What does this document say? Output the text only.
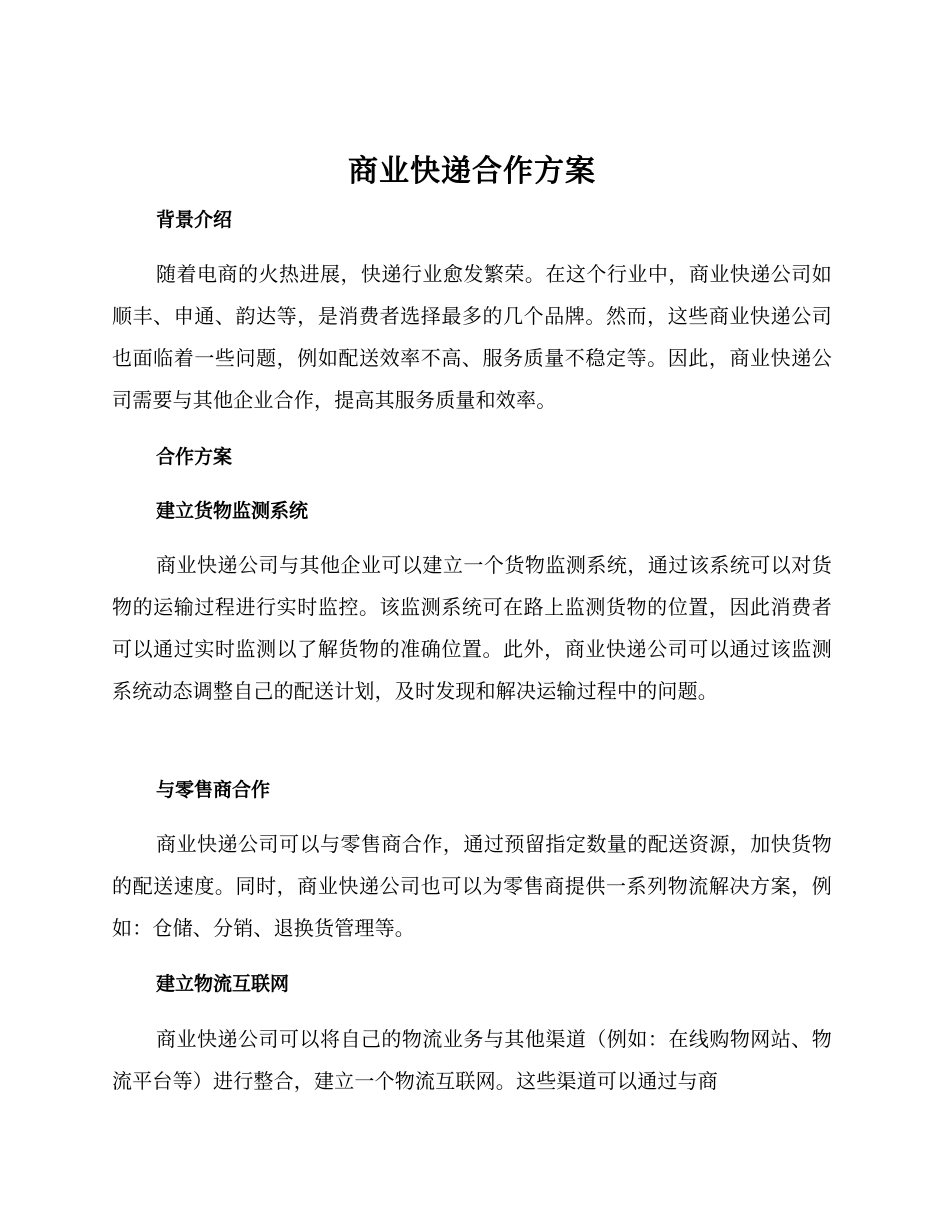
商业快递合作方案
背景介绍

随着电商的火热进展，快递行业愈发繁荣。在这个行业中，商业快递公司如顺丰、申通、韵达等，是消费者选择最多的几个品牌。然而，这些商业快递公司也面临着一些问题，例如配送效率不高、服务质量不稳定等。因此，商业快递公司需要与其他企业合作，提高其服务质量和效率。

合作方案
建立货物监测系统

商业快递公司与其他企业可以建立一个货物监测系统，通过该系统可以对货物的运输过程进行实时监控。该监测系统可在路上监测货物的位置，因此消费者可以通过实时监测以了解货物的准确位置。此外，商业快递公司可以通过该监测系统动态调整自己的配送计划，及时发现和解决运输过程中的问题。

与零售商合作

商业快递公司可以与零售商合作，通过预留指定数量的配送资源，加快货物的配送速度。同时，商业快递公司也可以为零售商提供一系列物流解决方案，例如：仓储、分销、退换货管理等。

建立物流互联网

商业快递公司可以将自己的物流业务与其他渠道（例如：在线购物网站、物流平台等）进行整合，建立一个物流互联网。这些渠道可以通过与商
